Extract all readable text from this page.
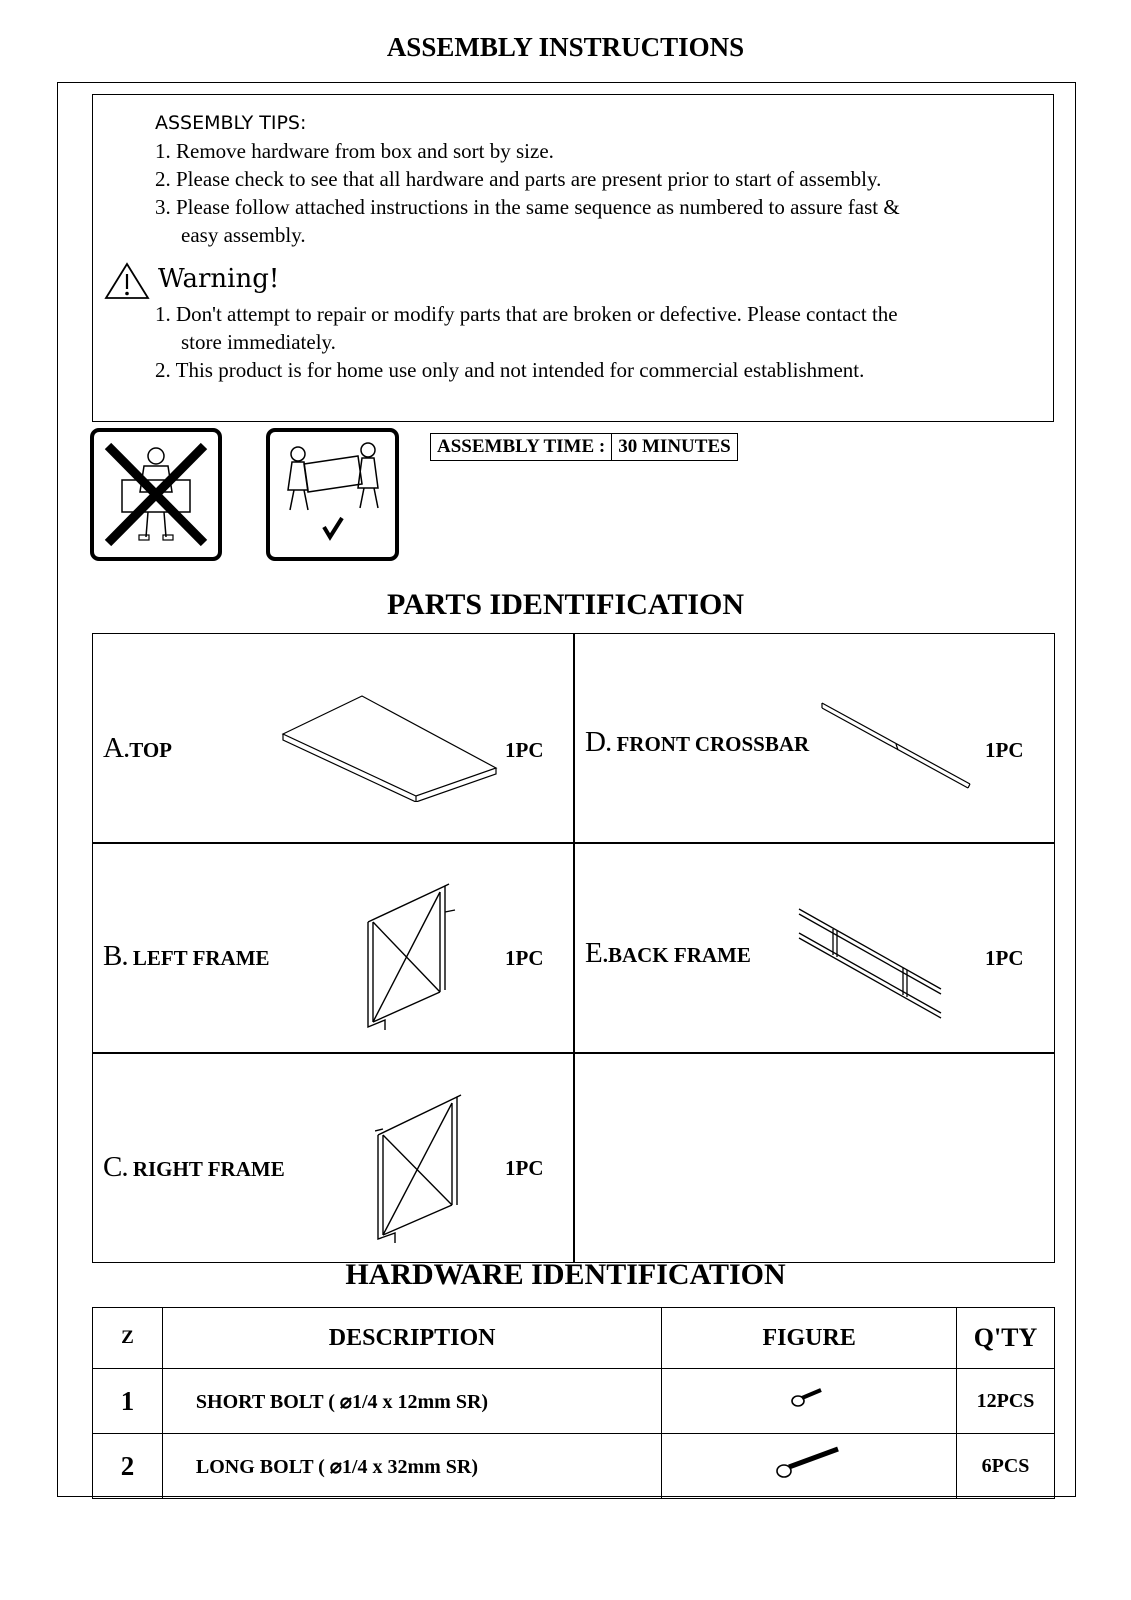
ASSEMBLY INSTRUCTIONS
ASSEMBLY TIPS:
1. Remove hardware from box and sort by size.
2. Please check to see that all hardware and parts are present prior to start of assembly.
3. Please follow attached instructions in the same sequence as numbered to assure fast &
easy assembly.
Warning!
1. Don't attempt to repair or modify parts that are broken or defective. Please contact the
store immediately.
2. This product is for home use only and not intended for commercial establishment.
ASSEMBLY TIME : 30 MINUTES
PARTS IDENTIFICATION
A.TOP	1PC D. FRONT CROSSBAR	1PC
B. LEFT FRAME	1PC E.BACK FRAME	1PC
C. RIGHT FRAME	1PC
HARDWARE IDENTIFICATION
Z	DESCRIPTION	FIGURE	Q'TY
1	SHORT BOLT ( ⌀1/4 x 12mm SR)		12PCS
2	LONG BOLT ( ⌀1/4 x 32mm SR)		6PCS
